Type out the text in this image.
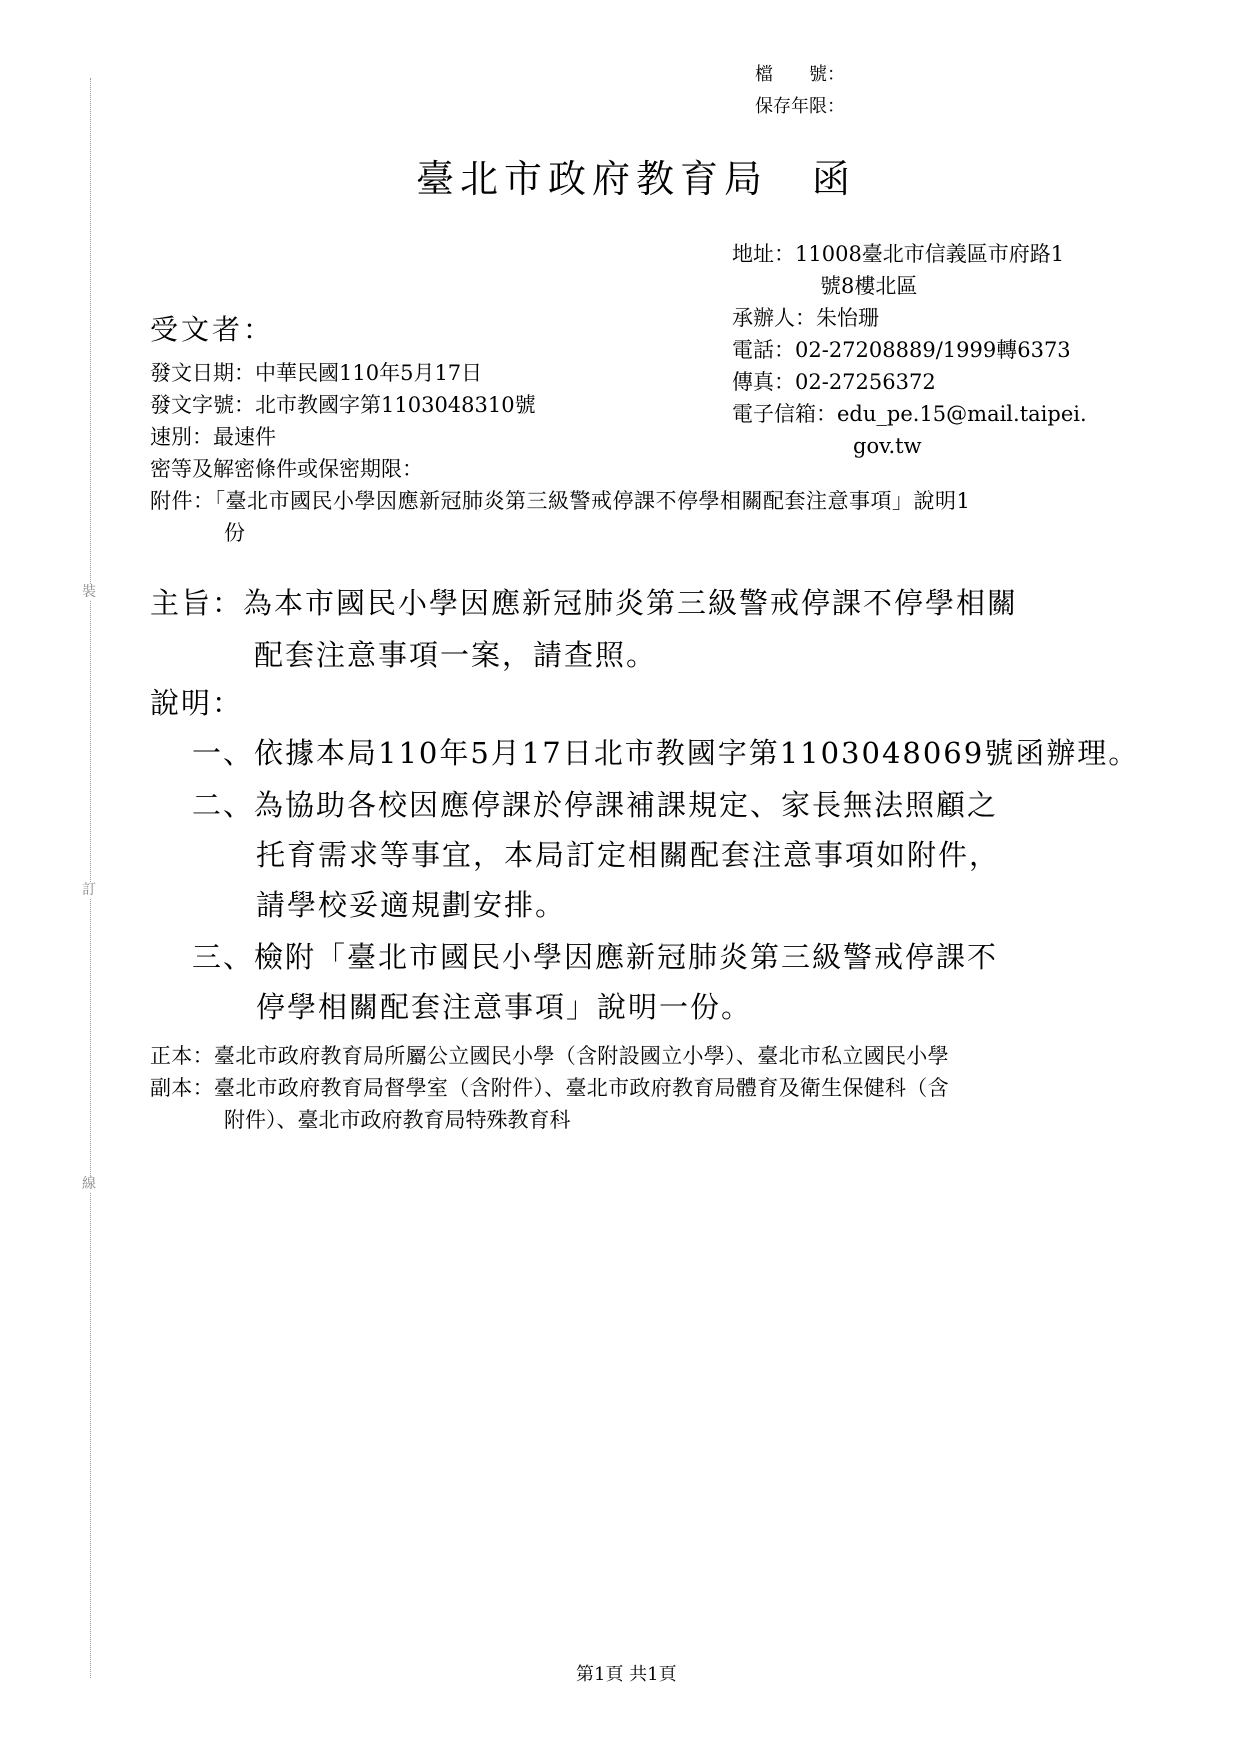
裝
訂
線
檔　　號：
保存年限：
臺北市政府教育局　函
地址：11008臺北市信義區市府路1
號8樓北區
承辦人：朱怡珊
電話：02-27208889/1999轉6373
傳真：02-27256372
電子信箱：edu_pe.15@mail.taipei.
gov.tw
受文者：
發文日期：中華民國110年5月17日
發文字號：北市教國字第1103048310號
速別：最速件
密等及解密條件或保密期限：
附件：「臺北市國民小學因應新冠肺炎第三級警戒停課不停學相關配套注意事項」說明1
份
主旨：為本市國民小學因應新冠肺炎第三級警戒停課不停學相關
配套注意事項一案，請查照。
說明：
一、依據本局110年5月17日北市教國字第1103048069號函辦理。
二、為協助各校因應停課於停課補課規定、家長無法照顧之
托育需求等事宜，本局訂定相關配套注意事項如附件，
請學校妥適規劃安排。
三、檢附「臺北市國民小學因應新冠肺炎第三級警戒停課不
停學相關配套注意事項」說明一份。
正本：臺北市政府教育局所屬公立國民小學（含附設國立小學）、臺北市私立國民小學
副本：臺北市政府教育局督學室（含附件）、臺北市政府教育局體育及衛生保健科（含
附件）、臺北市政府教育局特殊教育科
第1頁 共1頁
